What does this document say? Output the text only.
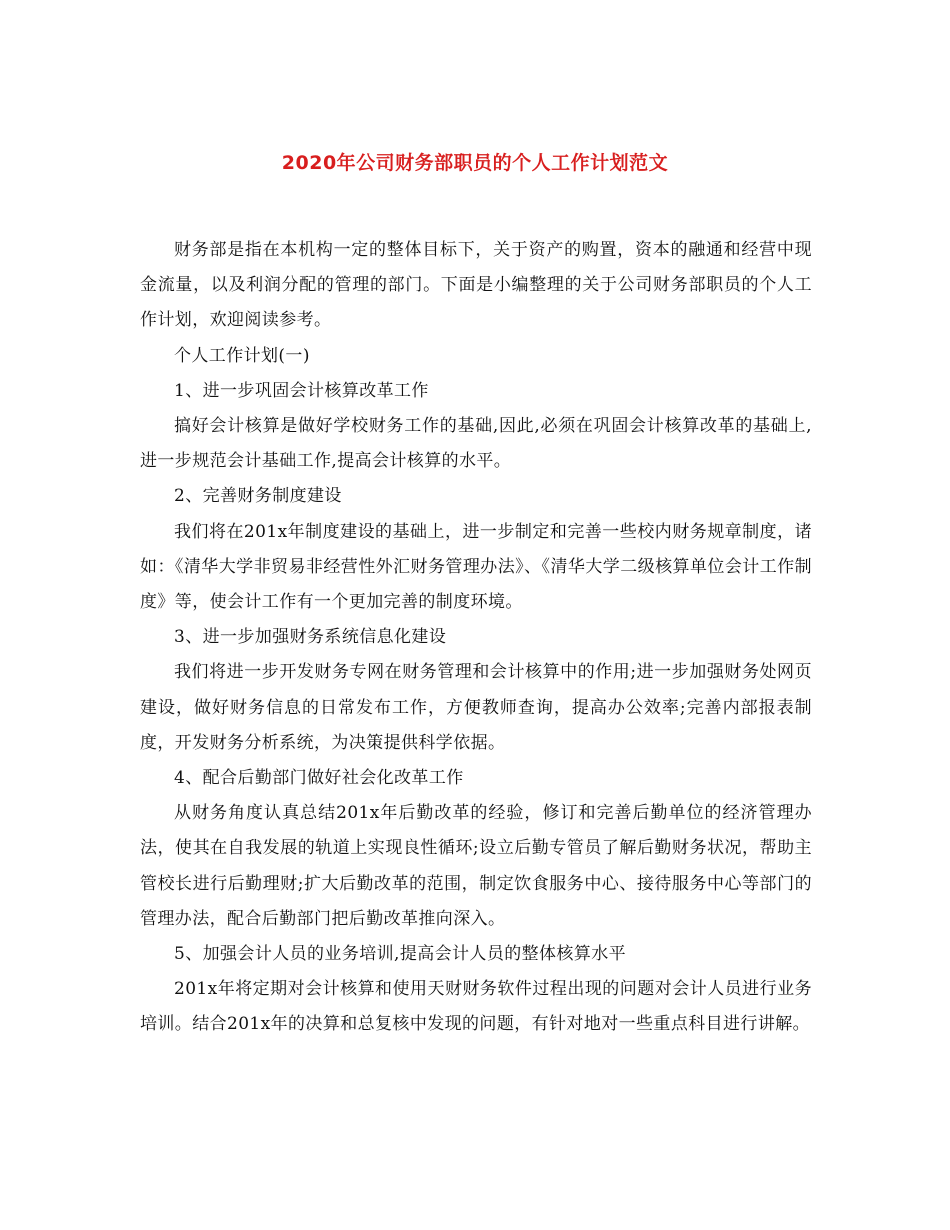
2020年公司财务部职员的个人工作计划范文

财务部是指在本机构一定的整体目标下，关于资产的购置，资本的融通和经营中现金流量，以及利润分配的管理的部门。下面是小编整理的关于公司财务部职员的个人工作计划，欢迎阅读参考。

个人工作计划(一)

1、进一步巩固会计核算改革工作

搞好会计核算是做好学校财务工作的基础,因此,必须在巩固会计核算改革的基础上,进一步规范会计基础工作,提高会计核算的水平。

2、完善财务制度建设

我们将在201x年制度建设的基础上，进一步制定和完善一些校内财务规章制度，诸如：《清华大学非贸易非经营性外汇财务管理办法》、《清华大学二级核算单位会计工作制度》等，使会计工作有一个更加完善的制度环境。

3、进一步加强财务系统信息化建设

我们将进一步开发财务专网在财务管理和会计核算中的作用;进一步加强财务处网页建设，做好财务信息的日常发布工作，方便教师查询，提高办公效率;完善内部报表制度，开发财务分析系统，为决策提供科学依据。

4、配合后勤部门做好社会化改革工作

从财务角度认真总结201x年后勤改革的经验，修订和完善后勤单位的经济管理办法，使其在自我发展的轨道上实现良性循环;设立后勤专管员了解后勤财务状况，帮助主管校长进行后勤理财;扩大后勤改革的范围，制定饮食服务中心、接待服务中心等部门的管理办法，配合后勤部门把后勤改革推向深入。

5、加强会计人员的业务培训,提高会计人员的整体核算水平

201x年将定期对会计核算和使用天财财务软件过程出现的问题对会计人员进行业务培训。结合201x年的决算和总复核中发现的问题，有针对地对一些重点科目进行讲解。
